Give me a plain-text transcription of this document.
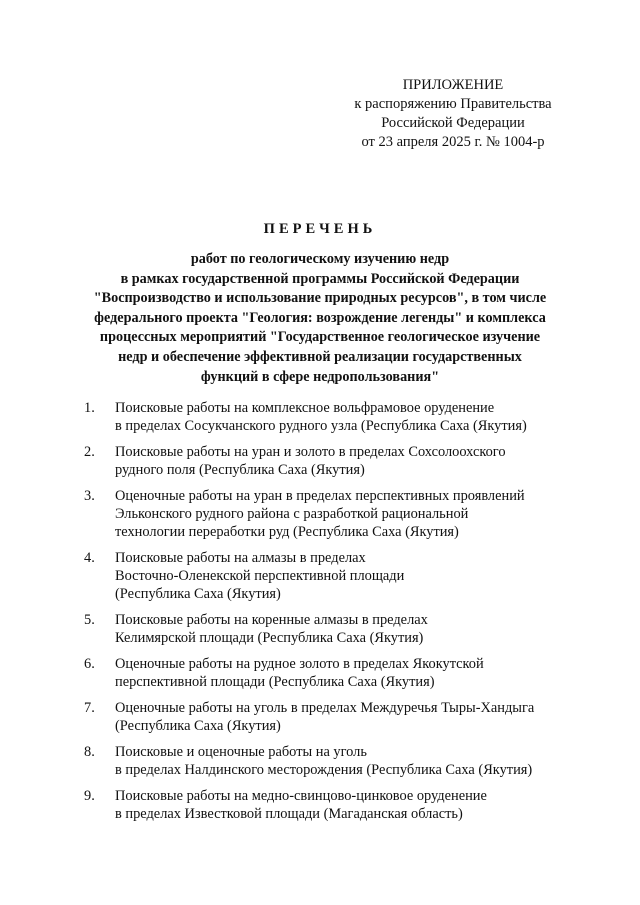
ПРИЛОЖЕНИЕ
к распоряжению Правительства
Российской Федерации
от 23 апреля 2025 г. № 1004-р
ПЕРЕЧЕНЬ
работ по геологическому изучению недр
в рамках государственной программы Российской Федерации
"Воспроизводство и использование природных ресурсов", в том числе
федерального проекта "Геология: возрождение легенды" и комплекса
процессных мероприятий "Государственное геологическое изучение
недр и обеспечение эффективной реализации государственных
функций в сфере недропользования"
1.	Поисковые работы на комплексное вольфрамовое оруденение
в пределах Сосукчанского рудного узла (Республика Саха (Якутия)
2.	Поисковые работы на уран и золото в пределах Сохсолоохского
рудного поля (Республика Саха (Якутия)
3.	Оценочные работы на уран в пределах перспективных проявлений
Эльконского рудного района с разработкой рациональной
технологии переработки руд (Республика Саха (Якутия)
4.	Поисковые работы на алмазы в пределах
Восточно-Оленекской перспективной площади
(Республика Саха (Якутия)
5.	Поисковые работы на коренные алмазы в пределах
Келимярской площади (Республика Саха (Якутия)
6.	Оценочные работы на рудное золото в пределах Якокутской
перспективной площади (Республика Саха (Якутия)
7.	Оценочные работы на уголь в пределах Междуречья Тыры-Хандыга
(Республика Саха (Якутия)
8.	Поисковые и оценочные работы на уголь
в пределах Налдинского месторождения (Республика Саха (Якутия)
9.	Поисковые работы на медно-свинцово-цинковое оруденение
в пределах Известковой площади (Магаданская область)
